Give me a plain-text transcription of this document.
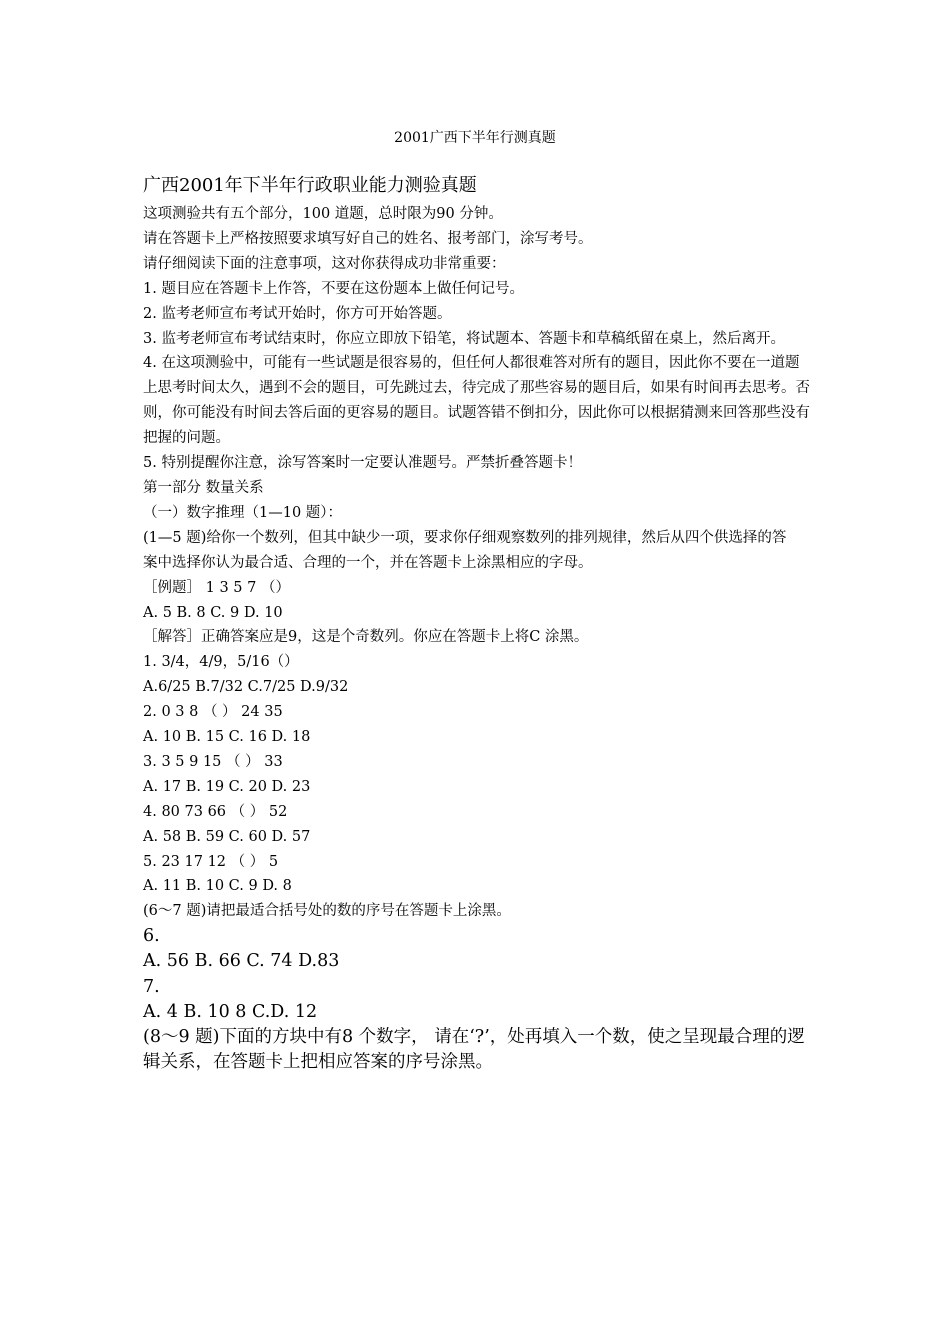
2001广西下半年行测真题
广西2001年下半年行政职业能力测验真题
这项测验共有五个部分，100 道题，总时限为90 分钟。
请在答题卡上严格按照要求填写好自己的姓名、报考部门，涂写考号。
请仔细阅读下面的注意事项，这对你获得成功非常重要：
1. 题目应在答题卡上作答，不要在这份题本上做任何记号。
2. 监考老师宣布考试开始时，你方可开始答题。
3. 监考老师宣布考试结束时，你应立即放下铅笔，将试题本、答题卡和草稿纸留在桌上，然后离开。
4. 在这项测验中，可能有一些试题是很容易的，但任何人都很难答对所有的题目，因此你不要在一道题
上思考时间太久，遇到不会的题目，可先跳过去，待完成了那些容易的题目后，如果有时间再去思考。否
则，你可能没有时间去答后面的更容易的题目。试题答错不倒扣分，因此你可以根据猜测来回答那些没有
把握的问题。
5. 特别提醒你注意，涂写答案时一定要认准题号。严禁折叠答题卡！
第一部分 数量关系
（一）数字推理（1—10 题）：
(1—5 题)给你一个数列，但其中缺少一项，要求你仔细观察数列的排列规律，然后从四个供选择的答
案中选择你认为最合适、合理的一个，并在答题卡上涂黑相应的字母。
［例题］ 1 3 5 7 （）
A. 5 B. 8 C. 9 D. 10
［解答］正确答案应是9，这是个奇数列。你应在答题卡上将C 涂黑。
1. 3/4，4/9，5/16（）
A.6/25 B.7/32 C.7/25 D.9/32
2. 0 3 8 （ ） 24 35
A. 10 B. 15 C. 16 D. 18
3. 3 5 9 15 （ ） 33
A. 17 B. 19 C. 20 D. 23
4. 80 73 66 （ ） 52
A. 58 B. 59 C. 60 D. 57
5. 23 17 12 （ ） 5
A. 11 B. 10 C. 9 D. 8
(6～7 题)请把最适合括号处的数的序号在答题卡上涂黑。
6.
A. 56 B. 66 C. 74 D.83
7.
A. 4 B. 10 8 C.D. 12
(8～9 题)下面的方块中有8 个数字， 请在‘?’，处再填入一个数，使之呈现最合理的逻
辑关系，在答题卡上把相应答案的序号涂黑。
